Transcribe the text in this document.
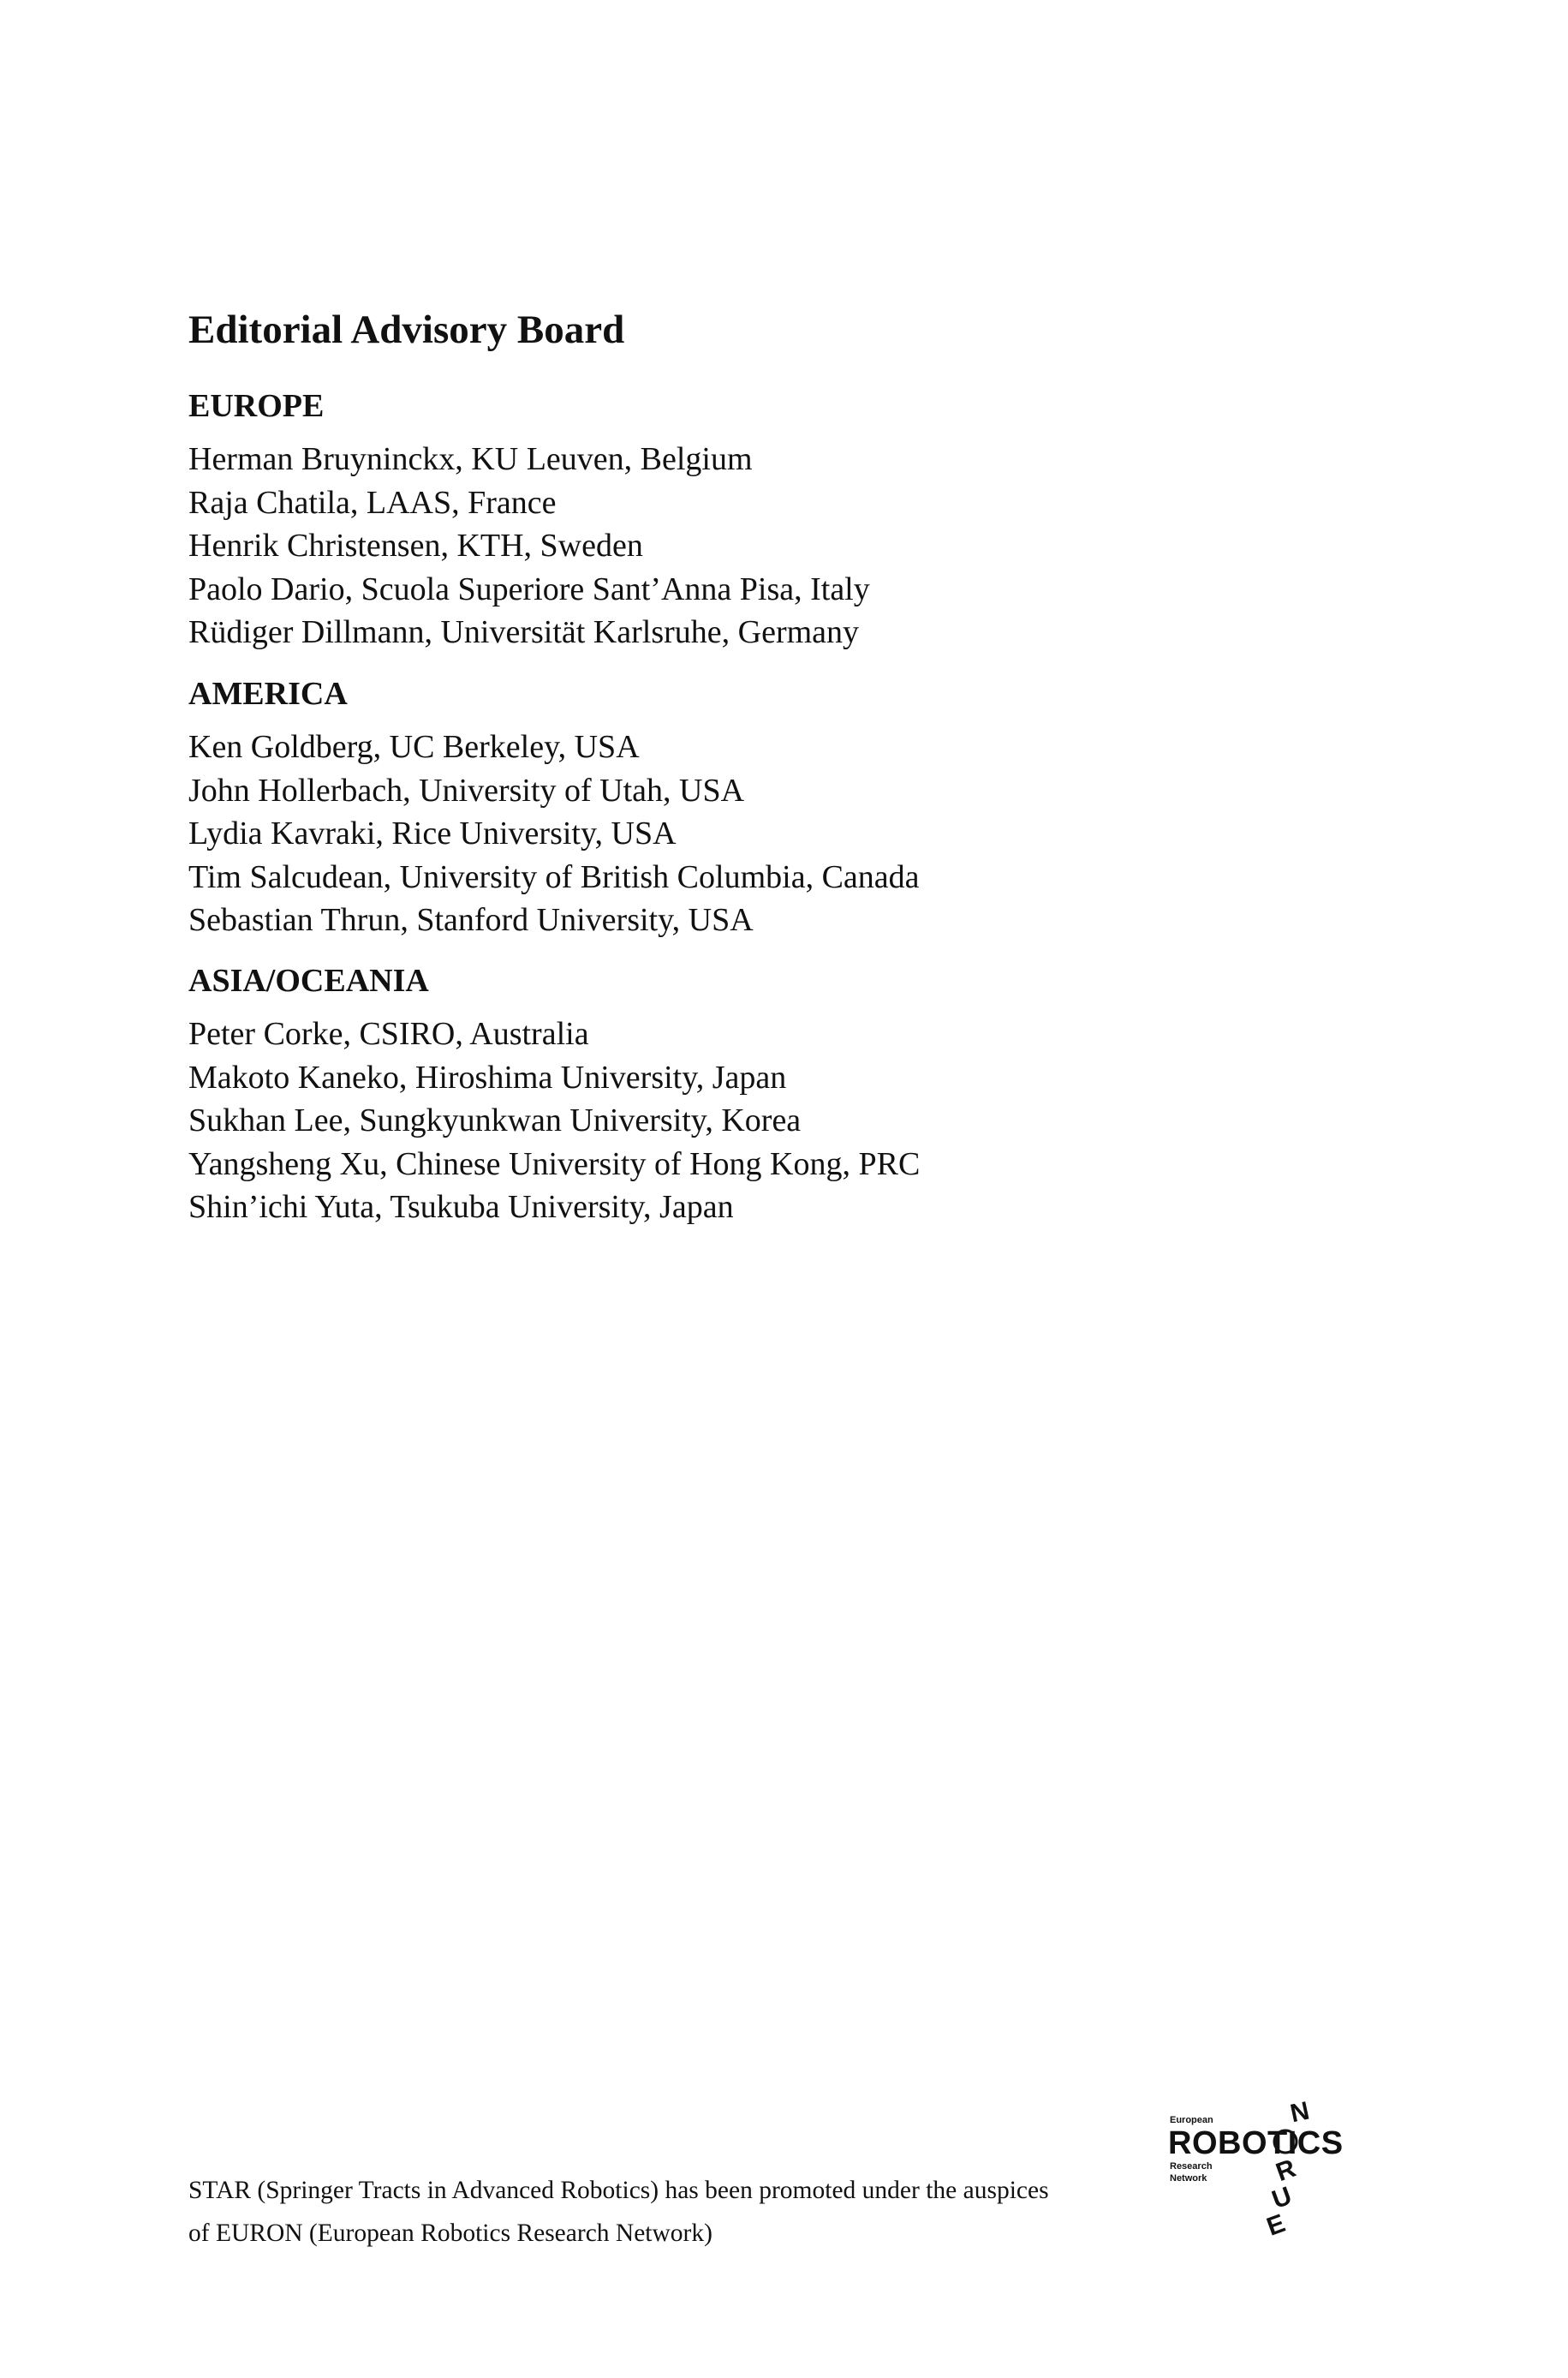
Editorial Advisory Board
EUROPE
Herman Bruyninckx, KU Leuven, Belgium
Raja Chatila, LAAS, France
Henrik Christensen, KTH, Sweden
Paolo Dario, Scuola Superiore Sant’Anna Pisa, Italy
Rüdiger Dillmann, Universität Karlsruhe, Germany
AMERICA
Ken Goldberg, UC Berkeley, USA
John Hollerbach, University of Utah, USA
Lydia Kavraki, Rice University, USA
Tim Salcudean, University of British Columbia, Canada
Sebastian Thrun, Stanford University, USA
ASIA/OCEANIA
Peter Corke, CSIRO, Australia
Makoto Kaneko, Hiroshima University, Japan
Sukhan Lee, Sungkyunkwan University, Korea
Yangsheng Xu, Chinese University of Hong Kong, PRC
Shin’ichi Yuta, Tsukuba University, Japan
STAR (Springer Tracts in Advanced Robotics) has been promoted under the auspices
of EURON (European Robotics Research Network)
European	N
ROBOTICS
Research
Network	R
U
E
